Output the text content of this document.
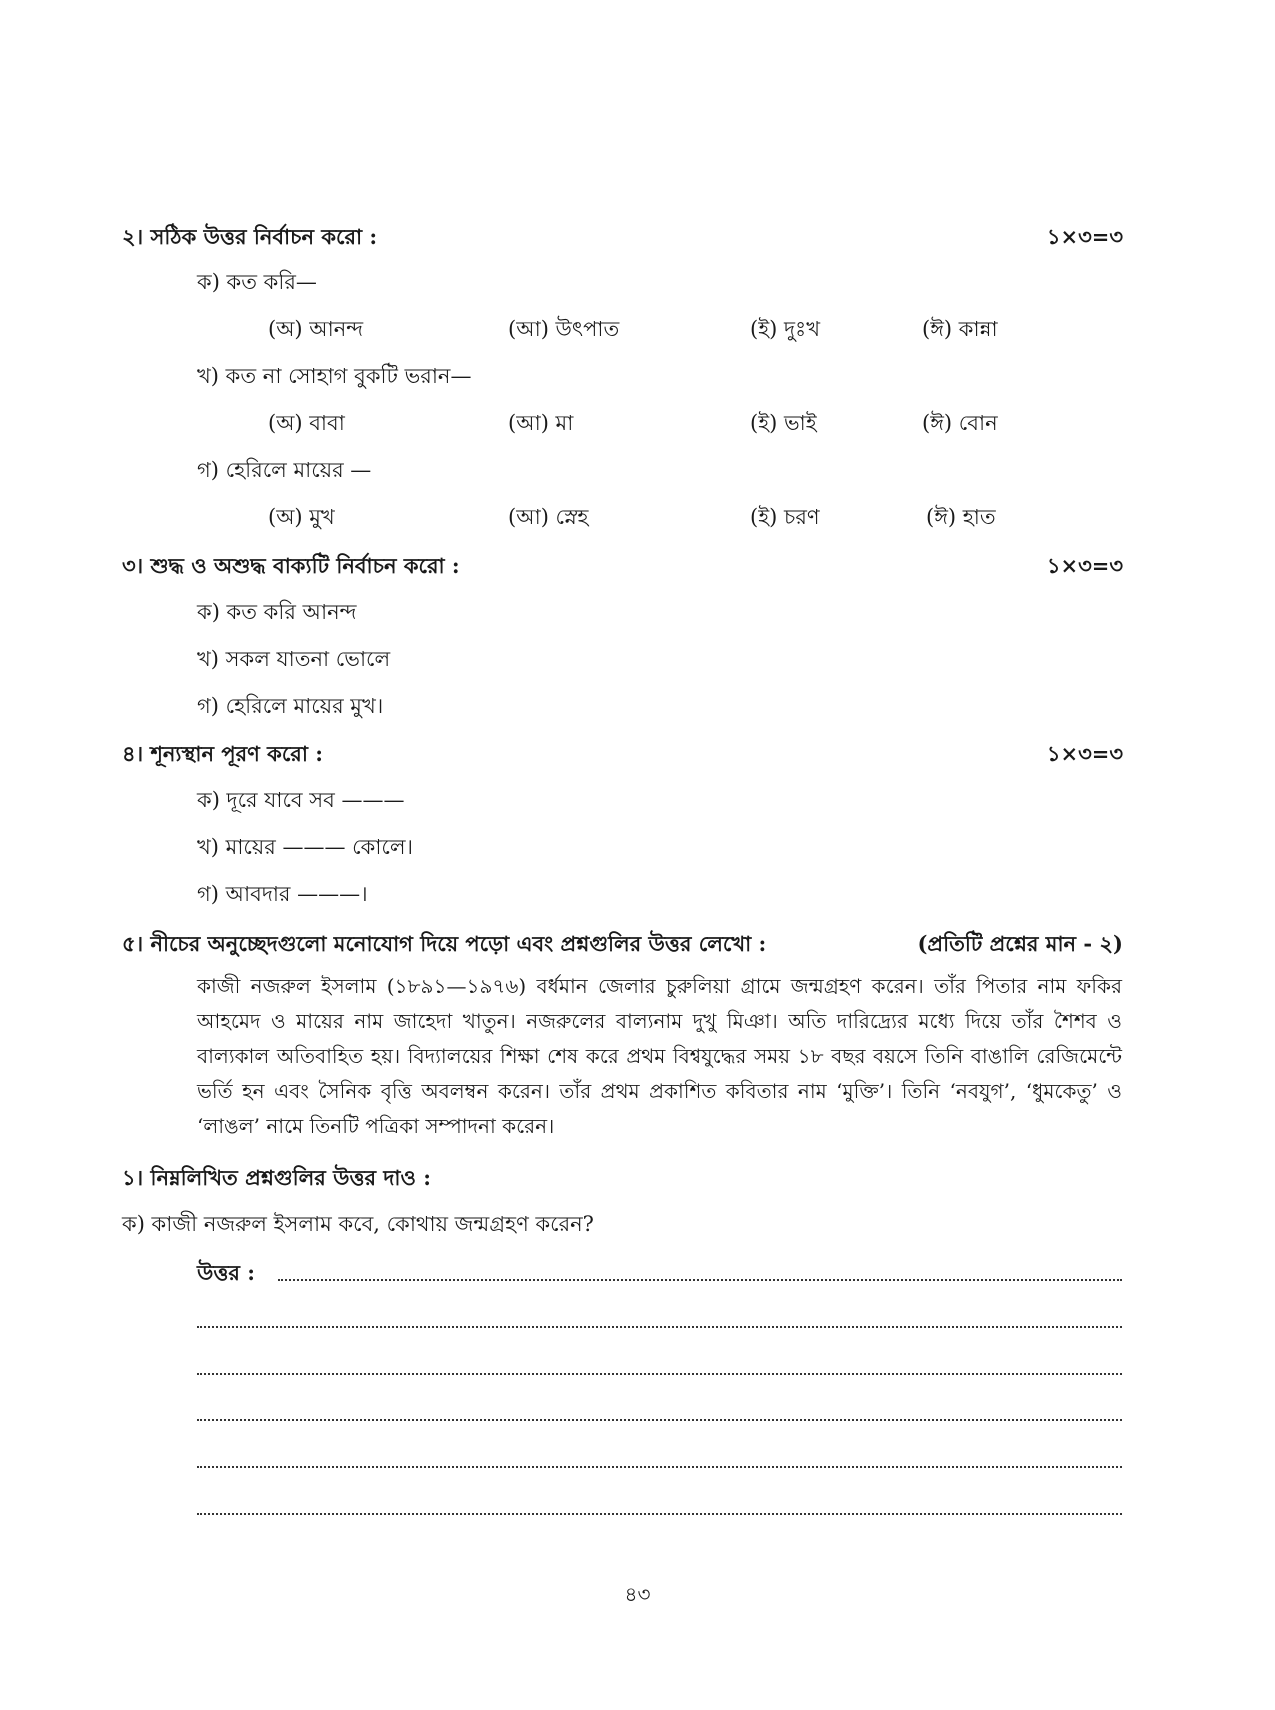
২। সঠিক উত্তর নির্বাচন করো :	১×৩=৩
ক) কত করি—
(অ) আনন্দ	(আ) উৎপাত	(ই) দুঃখ	(ঈ) কান্না
খ) কত না সোহাগ বুকটি ভরান—
(অ) বাবা	(আ) মা	(ই) ভাই	(ঈ) বোন
গ) হেরিলে মায়ের —
(অ) মুখ	(আ) স্নেহ	(ই) চরণ	(ঈ) হাত
৩। শুদ্ধ ও অশুদ্ধ বাক্যটি নির্বাচন করো :	১×৩=৩
ক) কত করি আনন্দ
খ) সকল যাতনা ভোলে
গ) হেরিলে মায়ের মুখ।
৪। শূন্যস্থান পূরণ করো :	১×৩=৩
ক) দূরে যাবে সব ———
খ) মায়ের ——— কোলে।
গ) আবদার ———।
৫। নীচের অনুচ্ছেদগুলো মনোযোগ দিয়ে পড়ো এবং প্রশ্নগুলির উত্তর লেখো :	(প্রতিটি প্রশ্নের মান - ২)

কাজী নজরুল ইসলাম (১৮৯১—১৯৭৬) বর্ধমান জেলার চুরুলিয়া গ্রামে জন্মগ্রহণ করেন। তাঁর পিতার নাম ফকির আহমেদ ও মায়ের নাম জাহেদা খাতুন। নজরুলের বাল্যনাম দুখু মিঞা। অতি দারিদ্র্যের মধ্যে দিয়ে তাঁর শৈশব ও বাল্যকাল অতিবাহিত হয়। বিদ্যালয়ের শিক্ষা শেষ করে প্রথম বিশ্বযুদ্ধের সময় ১৮ বছর বয়সে তিনি বাঙালি রেজিমেন্টে ভর্তি হন এবং সৈনিক বৃত্তি অবলম্বন করেন। তাঁর প্রথম প্রকাশিত কবিতার নাম ‘মুক্তি’। তিনি ‘নবযুগ’, ‘ধুমকেতু’ ও ‘লাঙল’ নামে তিনটি পত্রিকা সম্পাদনা করেন।

১। নিম্নলিখিত প্রশ্নগুলির উত্তর দাও :
ক) কাজী নজরুল ইসলাম কবে, কোথায় জন্মগ্রহণ করেন?
উত্তর :
৪৩
